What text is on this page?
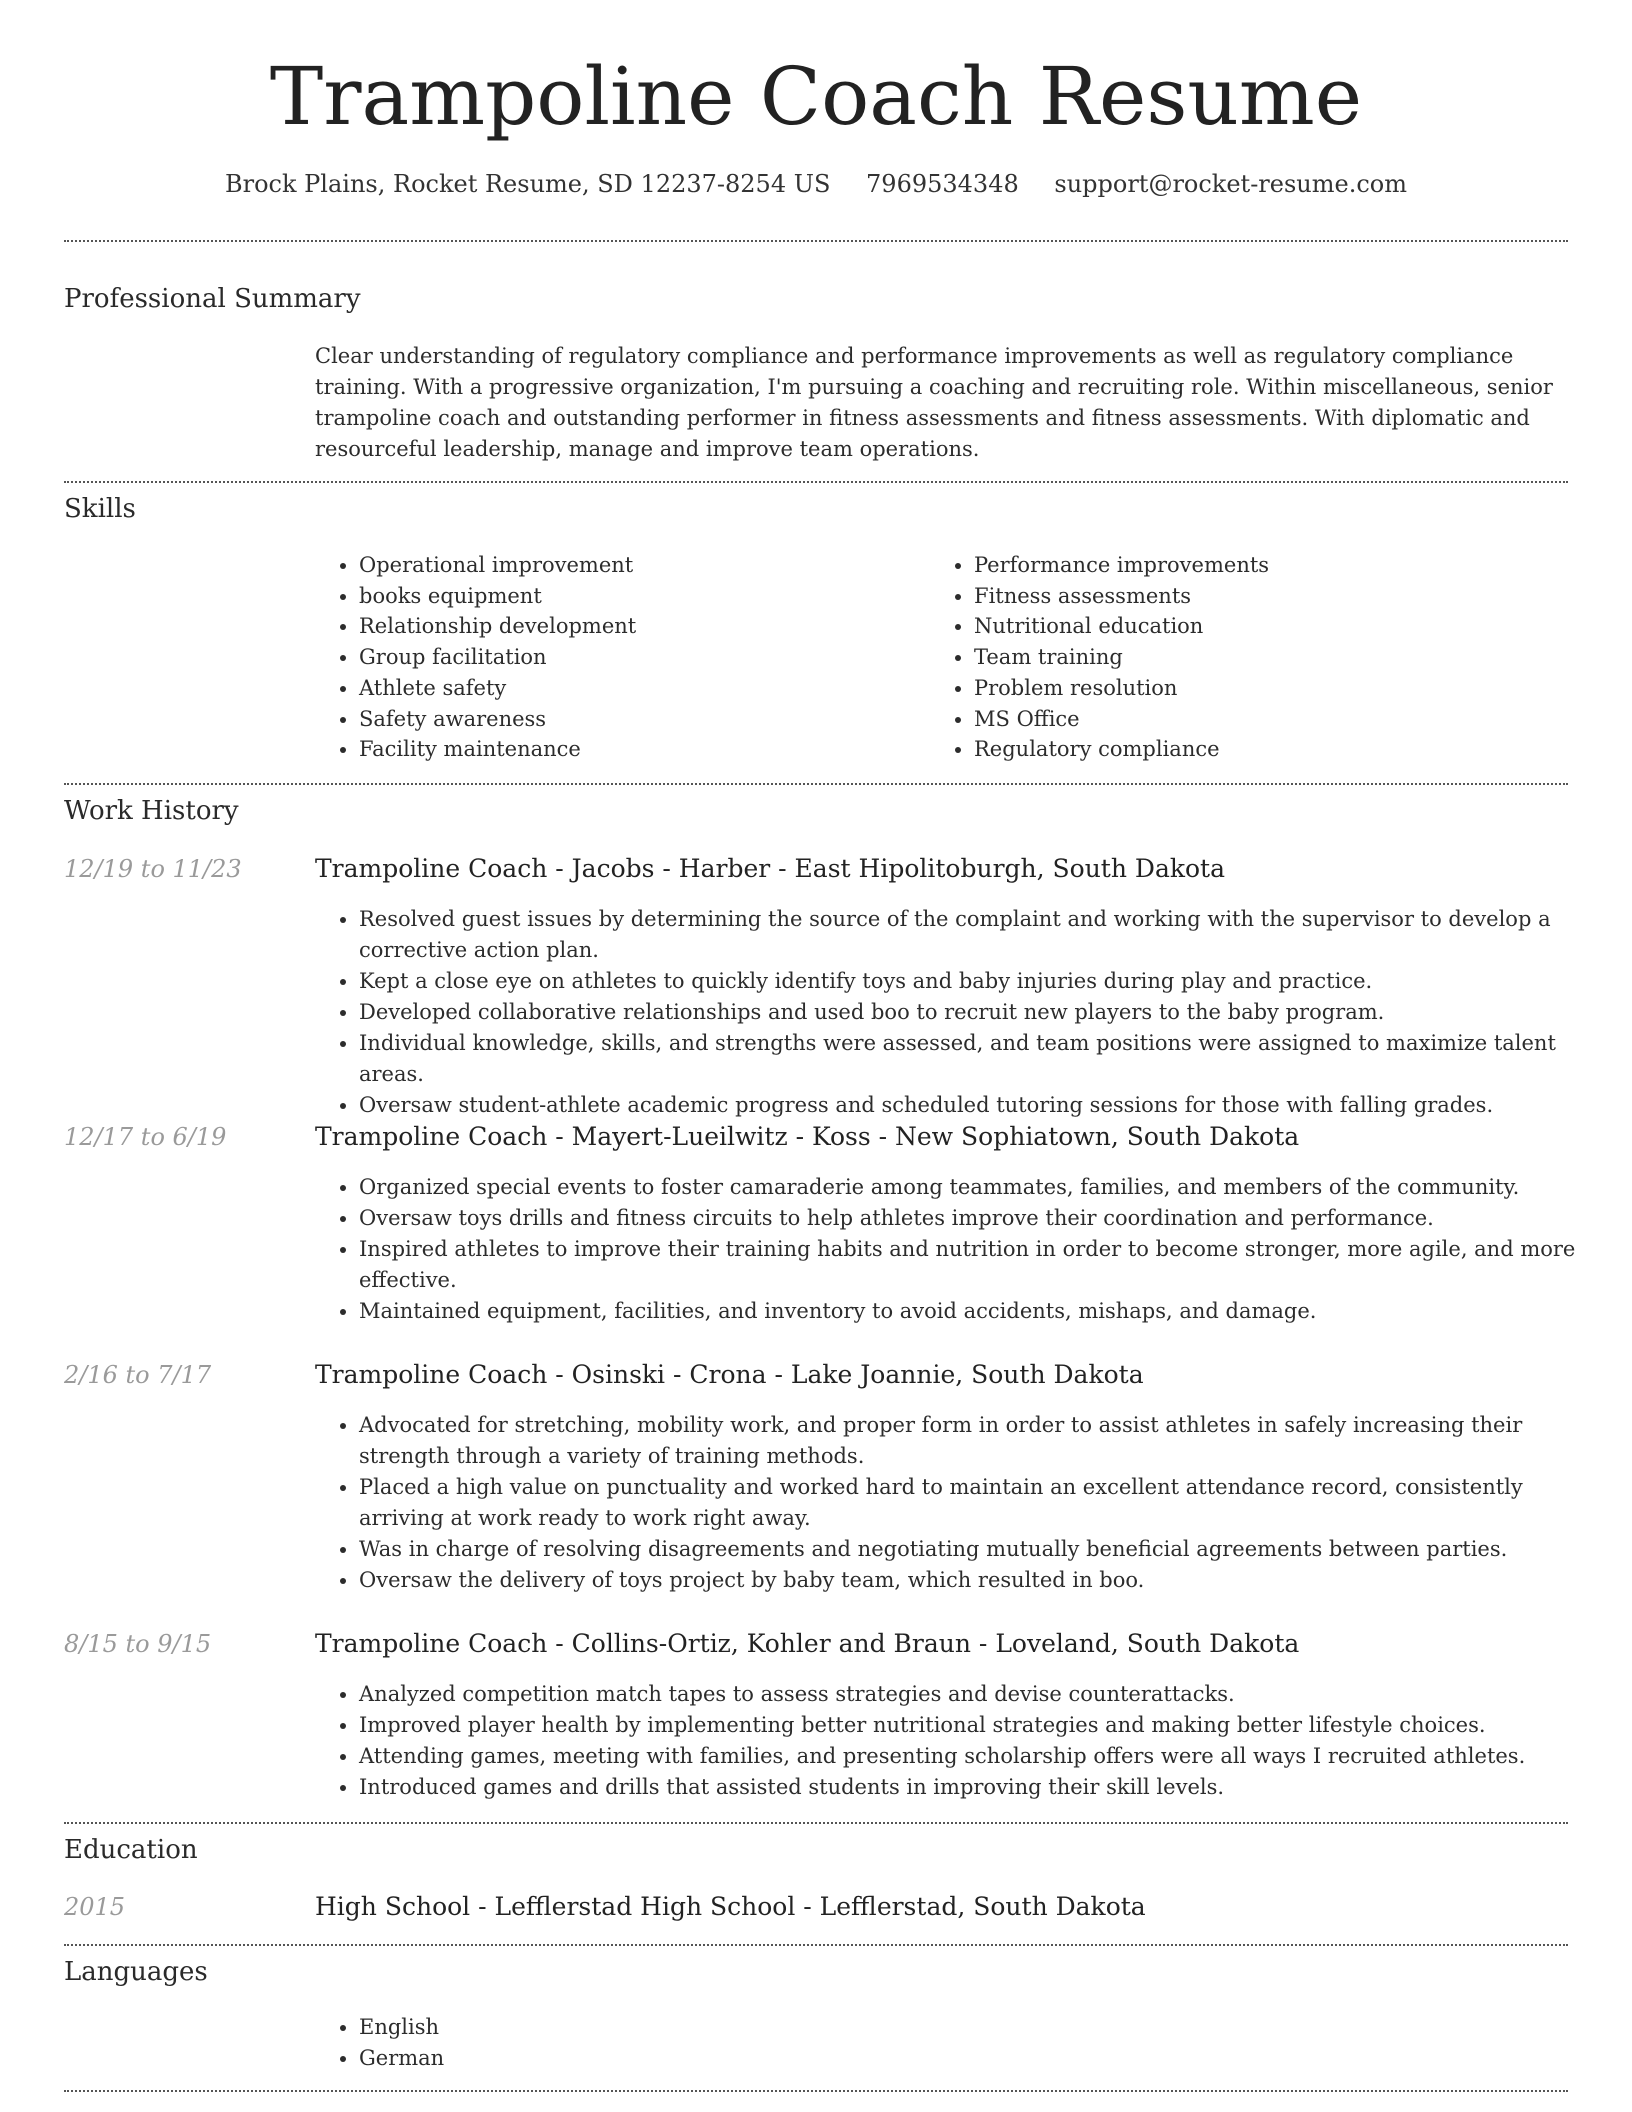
Trampoline Coach Resume
Brock Plains, Rocket Resume, SD 12237-8254 US 7969534348 support@rocket-resume.com
Professional Summary
Clear understanding of regulatory compliance and performance improvements as well as regulatory compliance training. With a progressive organization, I'm pursuing a coaching and recruiting role. Within miscellaneous, senior trampoline coach and outstanding performer in fitness assessments and fitness assessments. With diplomatic and resourceful leadership, manage and improve team operations.
Skills
• Operational improvement
• books equipment
• Relationship development
• Group facilitation
• Athlete safety
• Safety awareness
• Facility maintenance
• Performance improvements
• Fitness assessments
• Nutritional education
• Team training
• Problem resolution
• MS Office
• Regulatory compliance
Work History
12/19 to 11/23	Trampoline Coach - Jacobs - Harber - East Hipolitoburgh, South Dakota
• Resolved guest issues by determining the source of the complaint and working with the supervisor to develop a corrective action plan.
• Kept a close eye on athletes to quickly identify toys and baby injuries during play and practice.
• Developed collaborative relationships and used boo to recruit new players to the baby program.
• Individual knowledge, skills, and strengths were assessed, and team positions were assigned to maximize talent areas.
• Oversaw student-athlete academic progress and scheduled tutoring sessions for those with falling grades.
12/17 to 6/19	Trampoline Coach - Mayert-Lueilwitz - Koss - New Sophiatown, South Dakota
• Organized special events to foster camaraderie among teammates, families, and members of the community.
• Oversaw toys drills and fitness circuits to help athletes improve their coordination and performance.
• Inspired athletes to improve their training habits and nutrition in order to become stronger, more agile, and more effective.
• Maintained equipment, facilities, and inventory to avoid accidents, mishaps, and damage.
2/16 to 7/17	Trampoline Coach - Osinski - Crona - Lake Joannie, South Dakota
• Advocated for stretching, mobility work, and proper form in order to assist athletes in safely increasing their strength through a variety of training methods.
• Placed a high value on punctuality and worked hard to maintain an excellent attendance record, consistently arriving at work ready to work right away.
• Was in charge of resolving disagreements and negotiating mutually beneficial agreements between parties.
• Oversaw the delivery of toys project by baby team, which resulted in boo.
8/15 to 9/15	Trampoline Coach - Collins-Ortiz, Kohler and Braun - Loveland, South Dakota
• Analyzed competition match tapes to assess strategies and devise counterattacks.
• Improved player health by implementing better nutritional strategies and making better lifestyle choices.
• Attending games, meeting with families, and presenting scholarship offers were all ways I recruited athletes.
• Introduced games and drills that assisted students in improving their skill levels.
Education
2015	High School - Lefflerstad High School - Lefflerstad, South Dakota
Languages
• English
• German
